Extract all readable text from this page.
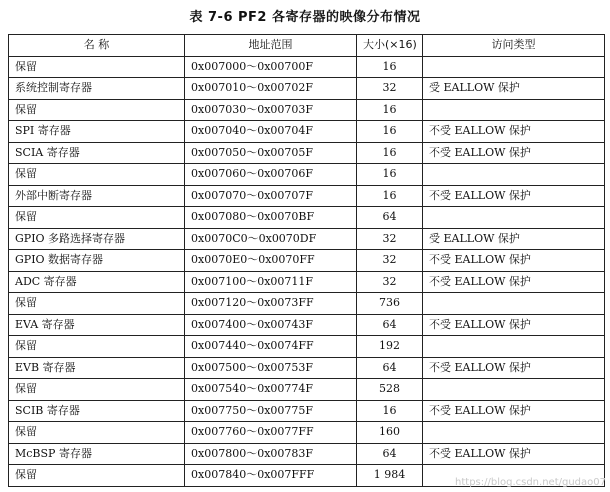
表 7-6 PF2 各寄存器的映像分布情况
名 称	地址范围	大小(×16)	访问类型
保留	0x007000～0x00700F	16	
系统控制寄存器	0x007010～0x00702F	32	受 EALLOW 保护
保留	0x007030～0x00703F	16	
SPI 寄存器	0x007040～0x00704F	16	不受 EALLOW 保护
SCIA 寄存器	0x007050～0x00705F	16	不受 EALLOW 保护
保留	0x007060～0x00706F	16	
外部中断寄存器	0x007070～0x00707F	16	不受 EALLOW 保护
保留	0x007080～0x0070BF	64	
GPIO 多路选择寄存器	0x0070C0～0x0070DF	32	受 EALLOW 保护
GPIO 数据寄存器	0x0070E0～0x0070FF	32	不受 EALLOW 保护
ADC 寄存器	0x007100～0x00711F	32	不受 EALLOW 保护
保留	0x007120～0x0073FF	736	
EVA 寄存器	0x007400～0x00743F	64	不受 EALLOW 保护
保留	0x007440～0x0074FF	192	
EVB 寄存器	0x007500～0x00753F	64	不受 EALLOW 保护
保留	0x007540～0x00774F	528	
SCIB 寄存器	0x007750～0x00775F	16	不受 EALLOW 保护
保留	0x007760～0x0077FF	160	
McBSP 寄存器	0x007800～0x00783F	64	不受 EALLOW 保护
保留	0x007840～0x007FFF	1 984	
https://blog.csdn.net/gudao07
